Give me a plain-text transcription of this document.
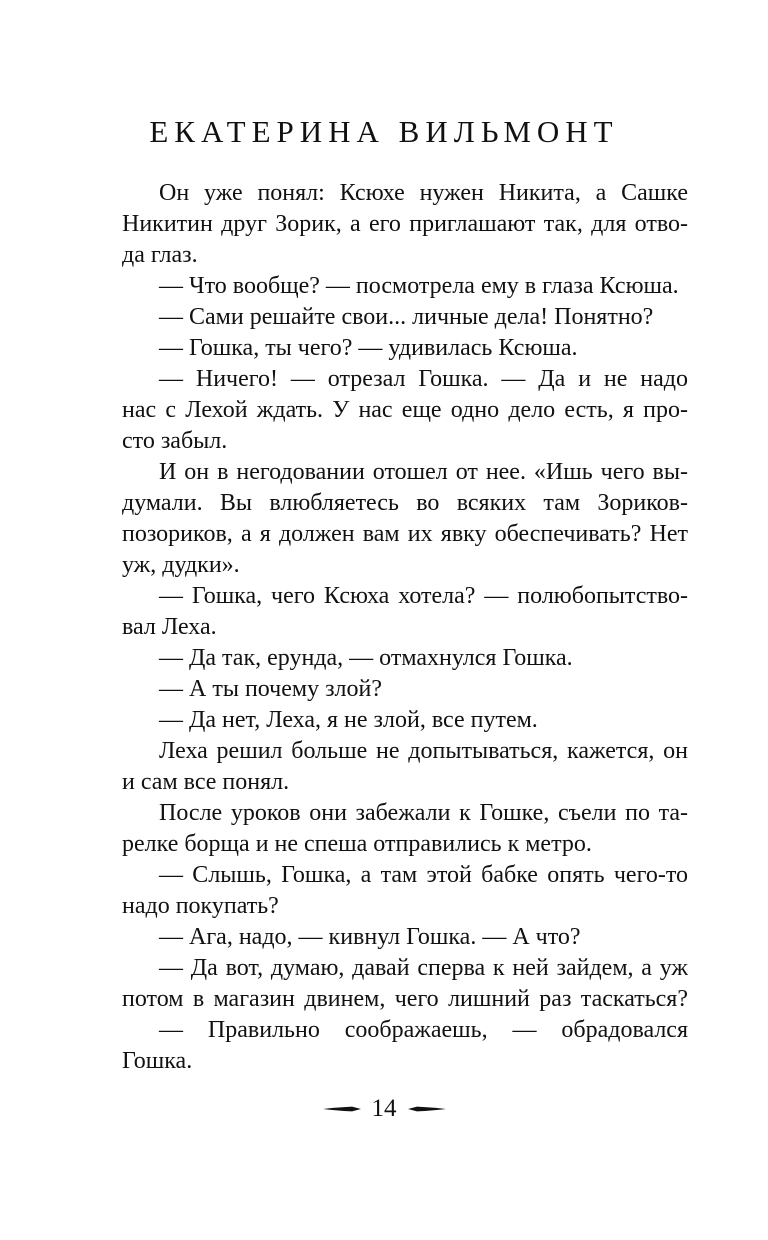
ЕКАТЕРИНА ВИЛЬМОНТ
Он уже понял: Ксюхе нужен Никита, а Сашке
Никитин друг Зорик, а его приглашают так, для отво-
да глаз.
— Что вообще? — посмотрела ему в глаза Ксюша.
— Сами решайте свои... личные дела! Понятно?
— Гошка, ты чего? — удивилась Ксюша.
— Ничего! — отрезал Гошка. — Да и не надо
нас с Лехой ждать. У нас еще одно дело есть, я про-
сто забыл.
И он в негодовании отошел от нее. «Ишь чего вы-
думали. Вы влюбляетесь во всяких там Зориков-
позориков, а я должен вам их явку обеспечивать? Нет
уж, дудки».
— Гошка, чего Ксюха хотела? — полюбопытство-
вал Леха.
— Да так, ерунда, — отмахнулся Гошка.
— А ты почему злой?
— Да нет, Леха, я не злой, все путем.
Леха решил больше не допытываться, кажется, он
и сам все понял.
После уроков они забежали к Гошке, съели по та-
релке борща и не спеша отправились к метро.
— Слышь, Гошка, а там этой бабке опять чего-то
надо покупать?
— Ага, надо, — кивнул Гошка. — А что?
— Да вот, думаю, давай сперва к ней зайдем, а уж
потом в магазин двинем, чего лишний раз таскаться?
— Правильно соображаешь, — обрадовался
Гошка.
14
